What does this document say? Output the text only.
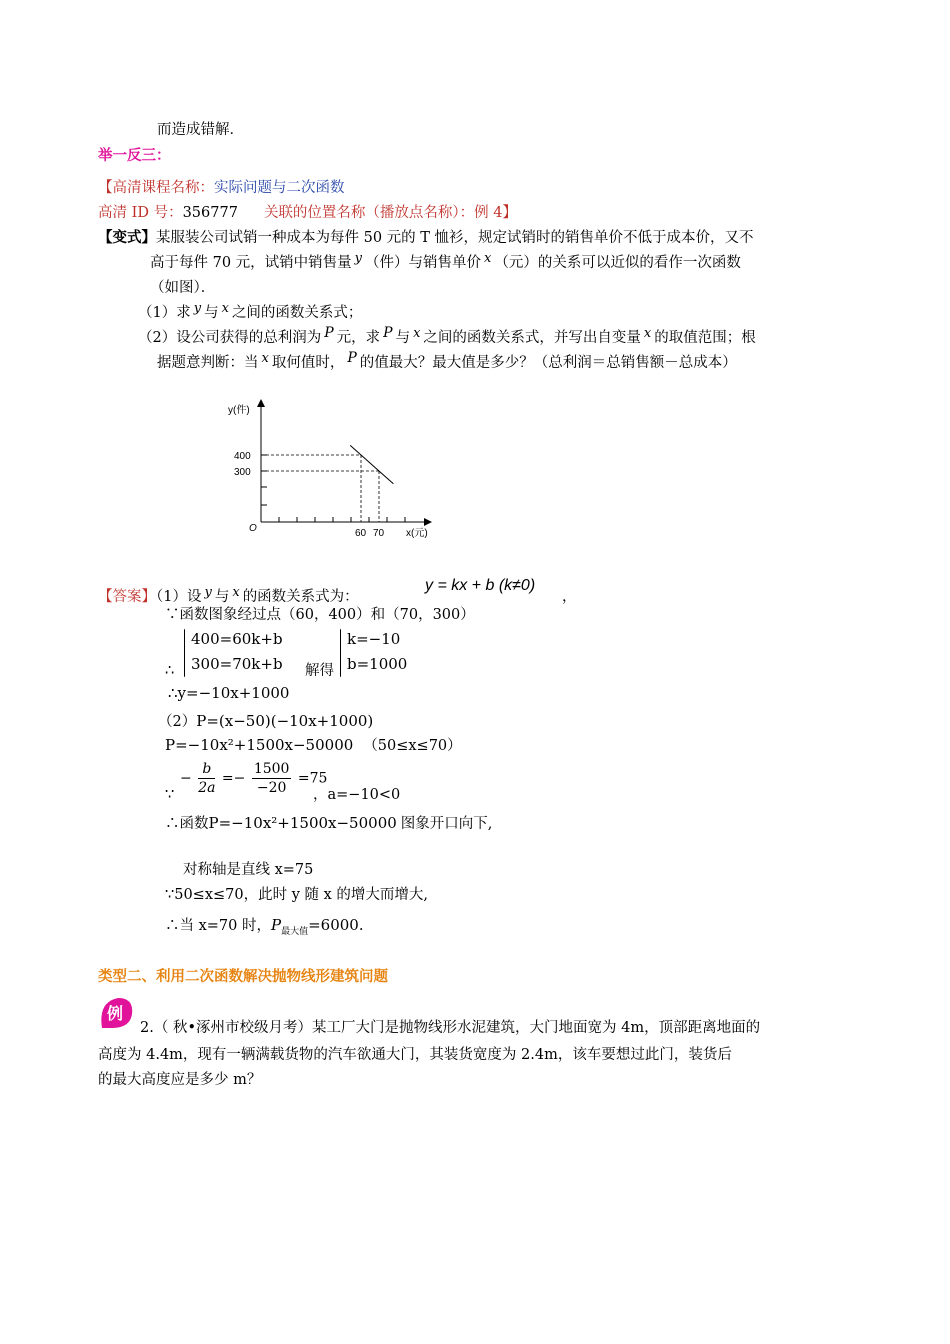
而造成错解．
举一反三：
【高清课程名称：实际问题与二次函数
高清 ID 号：356777 关联的位置名称（播放点名称）：例 4】
【变式】某服装公司试销一种成本为每件 50 元的 T 恤衫，规定试销时的销售单价不低于成本价，又不
高于每件 70 元，试销中销售量 y （件）与销售单价 x （元）的关系可以近似的看作一次函数
（如图）．
（1）求 y 与 x 之间的函数关系式；
（2）设公司获得的总利润为 P 元，求 P 与 x 之间的函数关系式，并写出自变量 x 的取值范围；根
据题意判断：当 x 取何值时， P 的值最大？最大值是多少？（总利润＝总销售额－总成本）
y(件)
x(元)
O
400
300
60 70
【答案】（1）设 y 与 x 的函数关系式为：
y = kx + b (k≠0)
，
∵函数图象经过点（60，400）和（70，300）
400=60k+b
300=70k+b
∴	解得
k=−10
b=1000
∴y=−10x+1000
（2）P=(x−50)(−10x+1000)
P=−10x²+1500x−50000 （50≤x≤70）
∵
− $\frac{b}{2a} =- \frac{1500}{-20} =75$
，a=−10<0
∴函数P=−10x²+1500x−50000 图象开口向下,
对称轴是直线 x=75
∵50≤x≤70，此时 y 随 x 的增大而增大,
∴当 x=70 时，$P_{最大值}=6000$.
类型二、利用二次函数解决抛物线形建筑问题
例
2.（ 秋•涿州市校级月考）某工厂大门是抛物线形水泥建筑，大门地面宽为 4m，顶部距离地面的
高度为 4.4m，现有一辆满载货物的汽车欲通大门，其装货宽度为 2.4m，该车要想过此门，装货后
的最大高度应是多少 m？
